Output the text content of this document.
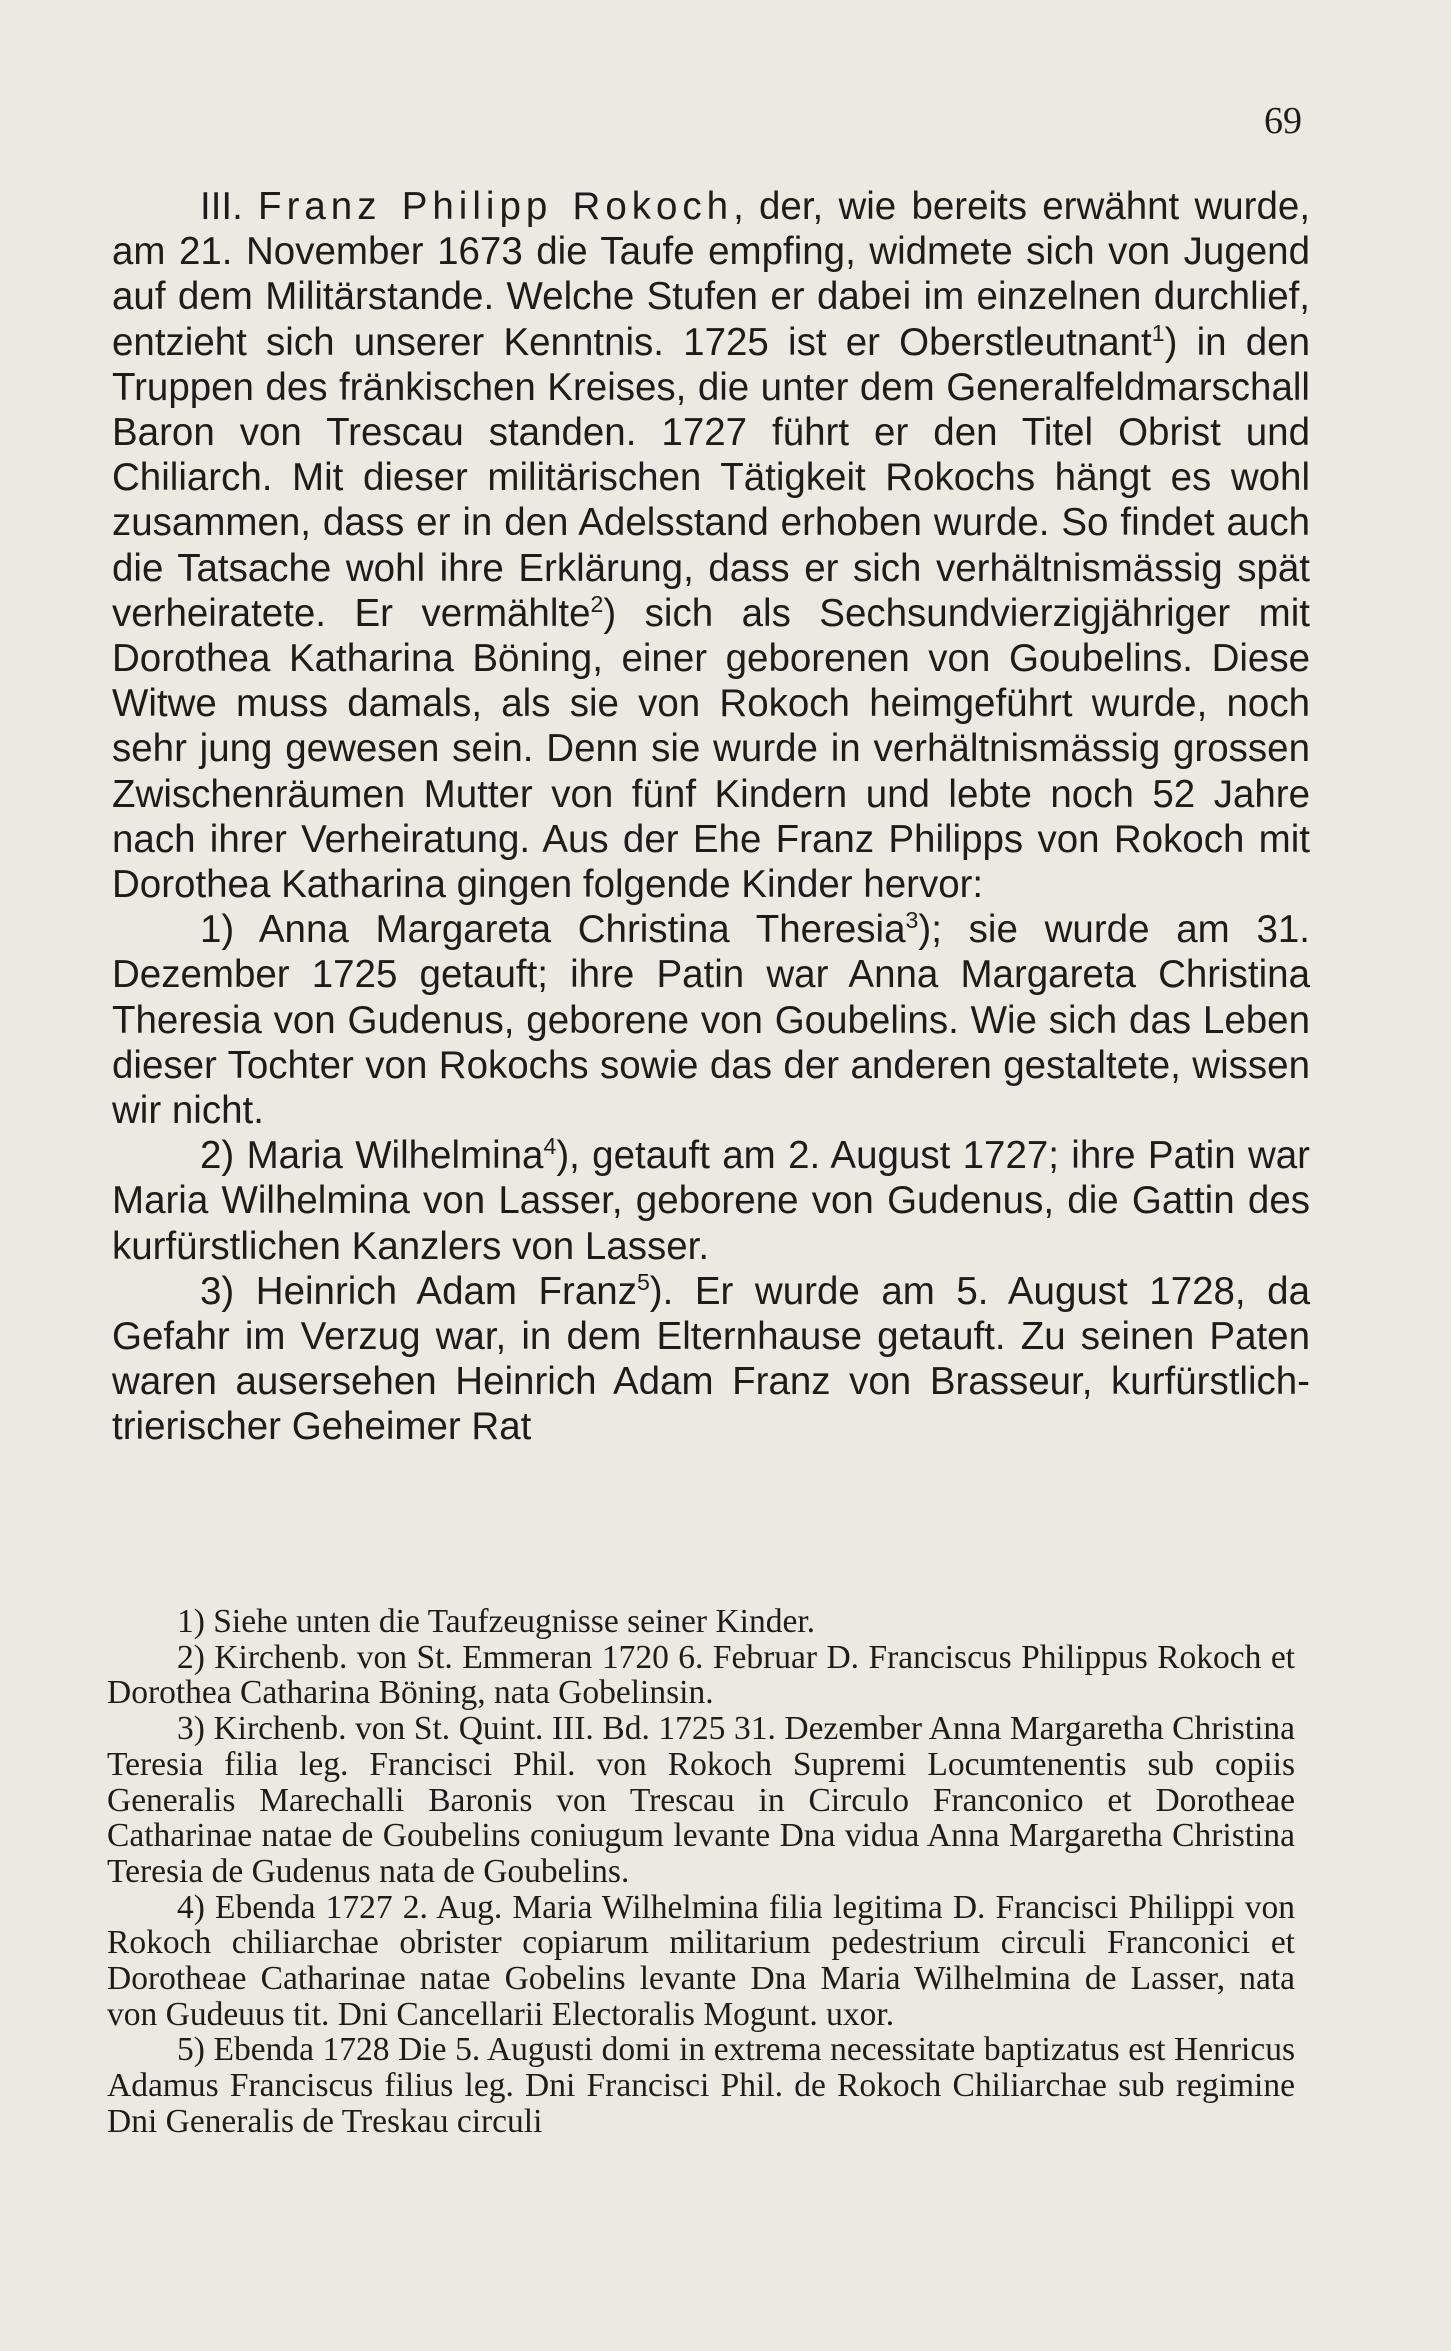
69

III. Franz Philipp Rokoch, der, wie bereits erwähnt wurde, am 21. November 1673 die Taufe empfing, widmete sich von Jugend auf dem Militärstande. Welche Stufen er dabei im einzelnen durchlief, entzieht sich unserer Kenntnis. 1725 ist er Oberstleutnant$^1$) in den Truppen des fränkischen Kreises, die unter dem Generalfeldmarschall Baron von Trescau standen. 1727 führt er den Titel Obrist und Chiliarch. Mit dieser militärischen Tätigkeit Rokochs hängt es wohl zusammen, dass er in den Adelsstand erhoben wurde. So findet auch die Tatsache wohl ihre Erklärung, dass er sich verhältnismässig spät verheiratete. Er vermählte$^2$) sich als Sechsundvierzigjähriger mit Dorothea Katharina Böning, einer geborenen von Goubelins. Diese Witwe muss damals, als sie von Rokoch heimgeführt wurde, noch sehr jung gewesen sein. Denn sie wurde in verhältnismässig grossen Zwischenräumen Mutter von fünf Kindern und lebte noch 52 Jahre nach ihrer Verheiratung. Aus der Ehe Franz Philipps von Rokoch mit Dorothea Katharina gingen folgende Kinder hervor:

1) Anna Margareta Christina Theresia$^3$); sie wurde am 31. Dezember 1725 getauft; ihre Patin war Anna Margareta Christina Theresia von Gudenus, geborene von Goubelins. Wie sich das Leben dieser Tochter von Rokochs sowie das der anderen gestaltete, wissen wir nicht.

2) Maria Wilhelmina$^4$), getauft am 2. August 1727; ihre Patin war Maria Wilhelmina von Lasser, geborene von Gudenus, die Gattin des kurfürstlichen Kanzlers von Lasser.

3) Heinrich Adam Franz$^5$). Er wurde am 5. August 1728, da Gefahr im Verzug war, in dem Elternhause getauft. Zu seinen Paten waren ausersehen Heinrich Adam Franz von Brasseur, kurfürstlich-trierischer Geheimer Rat

1) Siehe unten die Taufzeugnisse seiner Kinder.

2) Kirchenb. von St. Emmeran 1720 6. Februar D. Franciscus Philippus Rokoch et Dorothea Catharina Böning, nata Gobelinsin.

3) Kirchenb. von St. Quint. III. Bd. 1725 31. Dezember Anna Margaretha Christina Teresia filia leg. Francisci Phil. von Rokoch Supremi Locumtenentis sub copiis Generalis Marechalli Baronis von Trescau in Circulo Franconico et Dorotheae Catharinae natae de Goubelins coniugum levante Dna vidua Anna Margaretha Christina Teresia de Gudenus nata de Goubelins.

4) Ebenda 1727 2. Aug. Maria Wilhelmina filia legitima D. Francisci Philippi von Rokoch chiliarchae obrister copiarum militarium pedestrium circuli Franconici et Dorotheae Catharinae natae Gobelins levante Dna Maria Wilhelmina de Lasser, nata von Gudeuus tit. Dni Cancellarii Electoralis Mogunt. uxor.

5) Ebenda 1728 Die 5. Augusti domi in extrema necessitate baptizatus est Henricus Adamus Franciscus filius leg. Dni Francisci Phil. de Rokoch Chiliarchae sub regimine Dni Generalis de Treskau circuli
